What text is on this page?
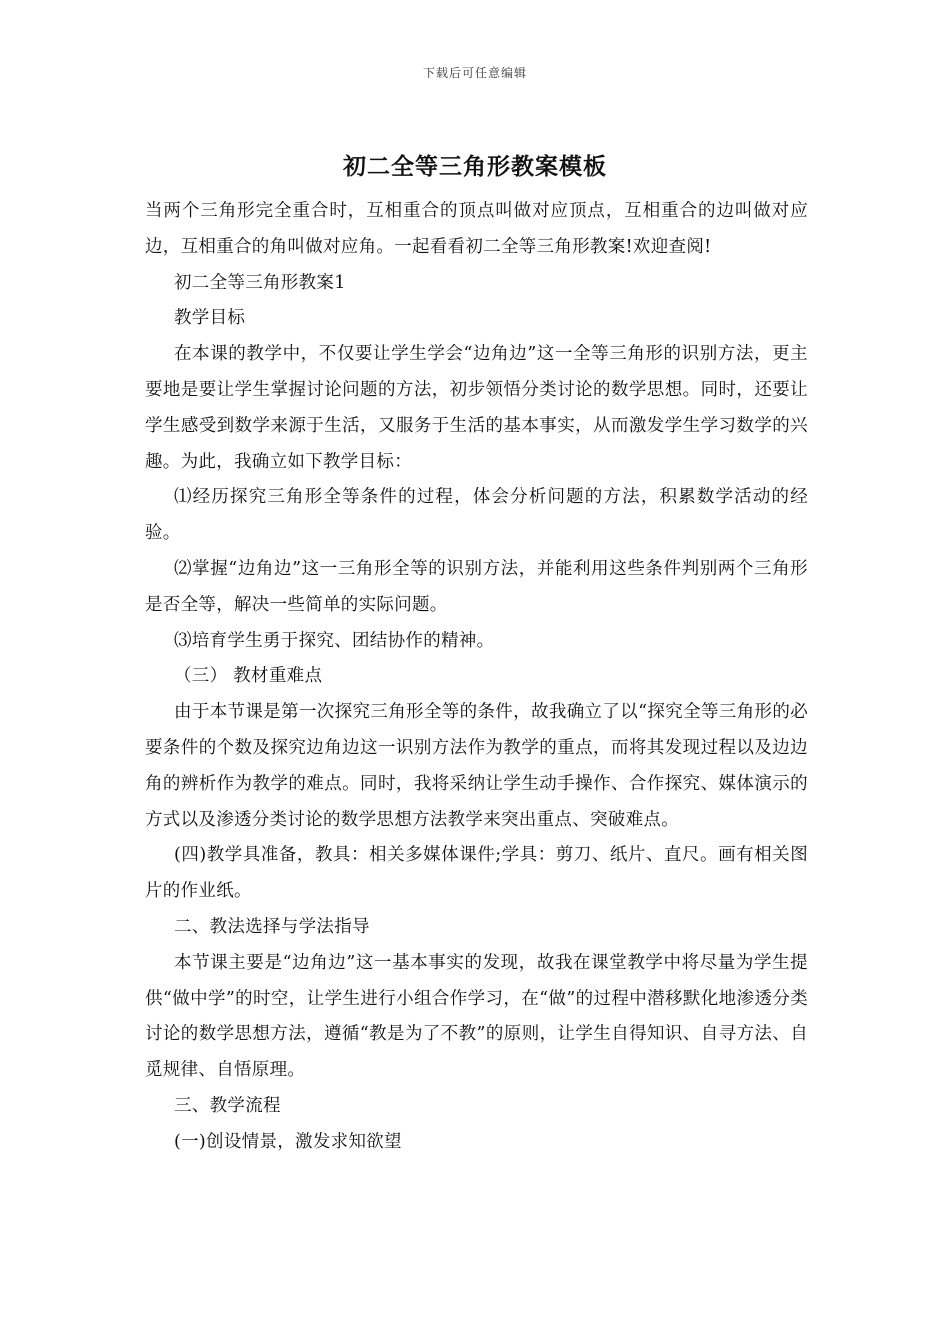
下载后可任意编辑
初二全等三角形教案模板

当两个三角形完全重合时，互相重合的顶点叫做对应顶点，互相重合的边叫做对应边，互相重合的角叫做对应角。一起看看初二全等三角形教案!欢迎查阅!

初二全等三角形教案1

教学目标

在本课的教学中，不仅要让学生学会“边角边”这一全等三角形的识别方法，更主要地是要让学生掌握讨论问题的方法，初步领悟分类讨论的数学思想。同时，还要让学生感受到数学来源于生活，又服务于生活的基本事实，从而激发学生学习数学的兴趣。为此，我确立如下教学目标：

⑴经历探究三角形全等条件的过程，体会分析问题的方法，积累数学活动的经验。

⑵掌握“边角边”这一三角形全等的识别方法，并能利用这些条件判别两个三角形是否全等，解决一些简单的实际问题。

⑶培育学生勇于探究、团结协作的精神。

（三） 教材重难点

由于本节课是第一次探究三角形全等的条件，故我确立了以“探究全等三角形的必要条件的个数及探究边角边这一识别方法作为教学的重点，而将其发现过程以及边边角的辨析作为教学的难点。同时，我将采纳让学生动手操作、合作探究、媒体演示的方式以及渗透分类讨论的数学思想方法教学来突出重点、突破难点。

(四)教学具准备，教具：相关多媒体课件;学具：剪刀、纸片、直尺。画有相关图片的作业纸。

二、教法选择与学法指导

本节课主要是“边角边”这一基本事实的发现，故我在课堂教学中将尽量为学生提供“做中学”的时空，让学生进行小组合作学习，在“做”的过程中潜移默化地渗透分类讨论的数学思想方法，遵循“教是为了不教”的原则，让学生自得知识、自寻方法、自觅规律、自悟原理。

三、教学流程

(一)创设情景，激发求知欲望
